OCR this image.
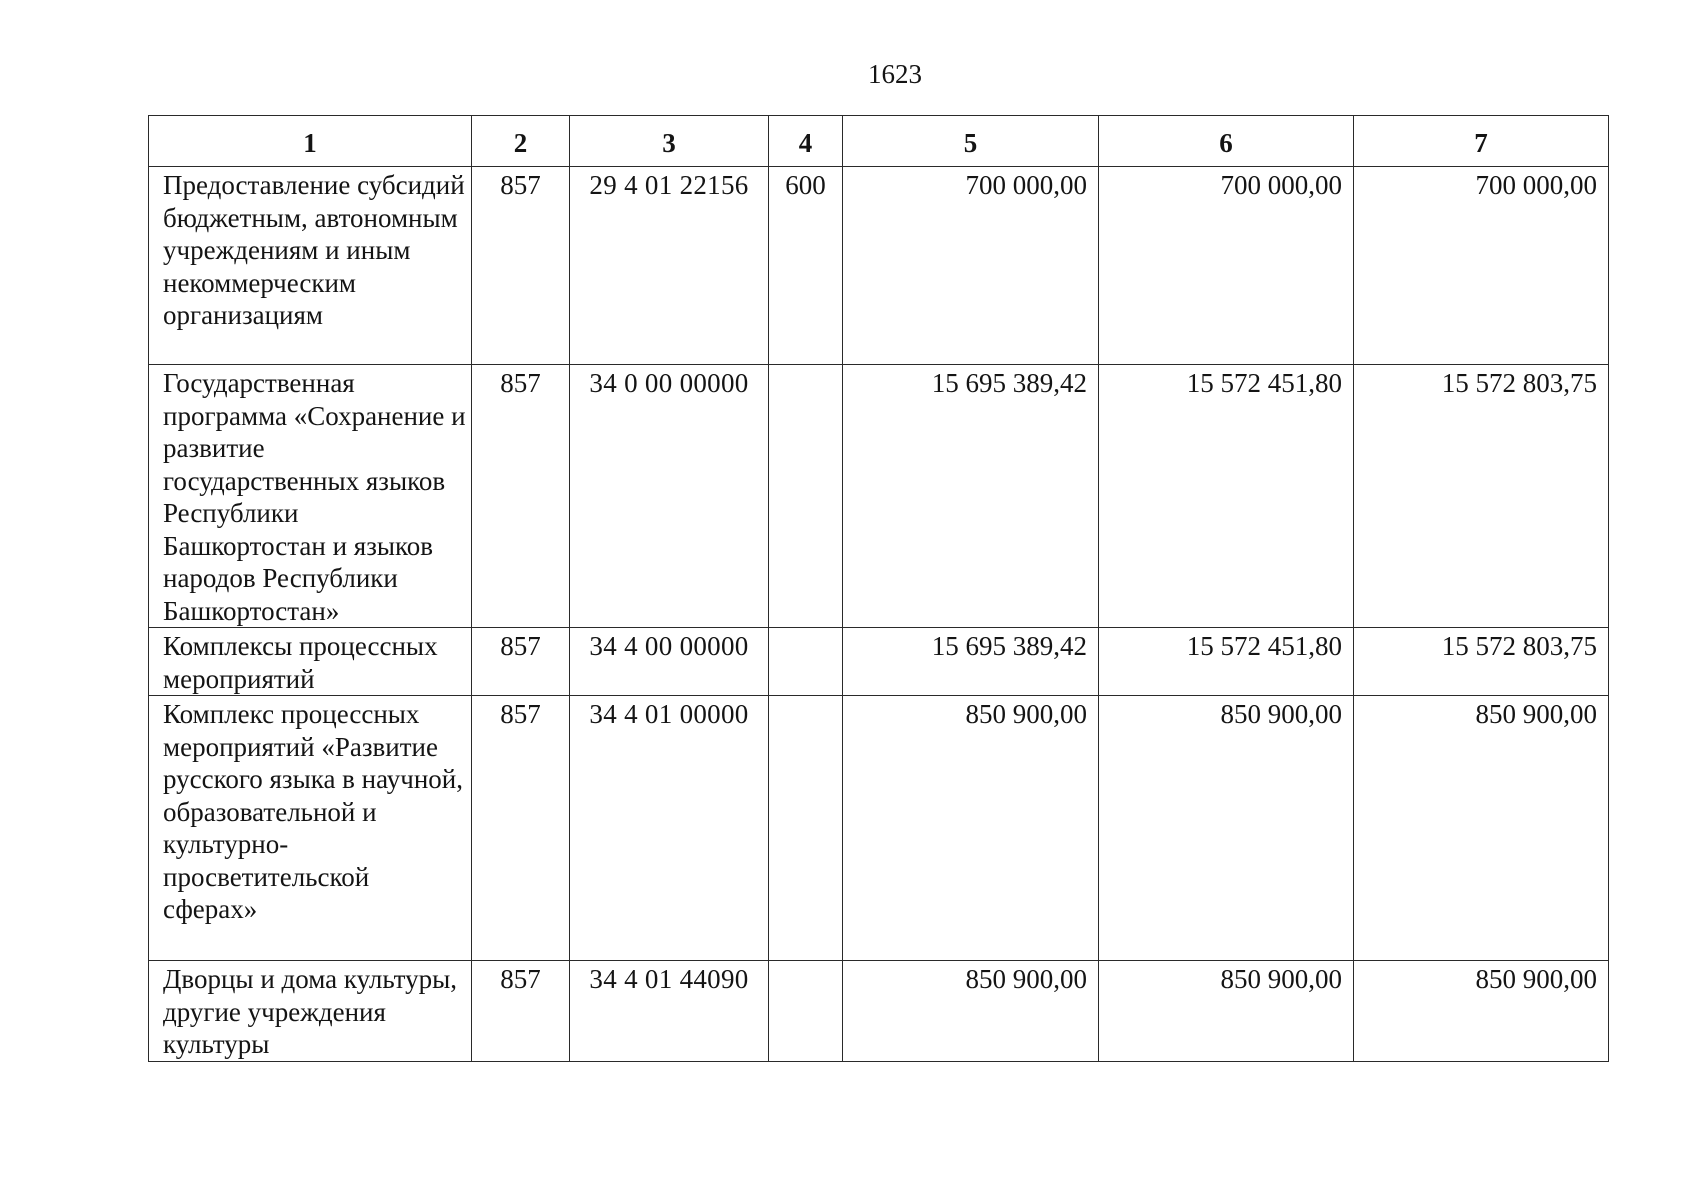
1623
1	2	3	4	5	6	7
Предоставление субсидий бюджетным, автономным учреждениям и иным некоммерческим организациям	857	29 4 01 22156	600	700 000,00	700 000,00	700 000,00
Государственная программа «Сохранение и развитие государственных языков Республики Башкортостан и языков народов Республики Башкортостан»	857	34 0 00 00000		15 695 389,42	15 572 451,80	15 572 803,75
Комплексы процессных мероприятий	857	34 4 00 00000		15 695 389,42	15 572 451,80	15 572 803,75
Комплекс процессных мероприятий «Развитие русского языка в научной, образовательной и культурно-просветительской сферах»	857	34 4 01 00000		850 900,00	850 900,00	850 900,00
Дворцы и дома культуры, другие учреждения культуры	857	34 4 01 44090		850 900,00	850 900,00	850 900,00
